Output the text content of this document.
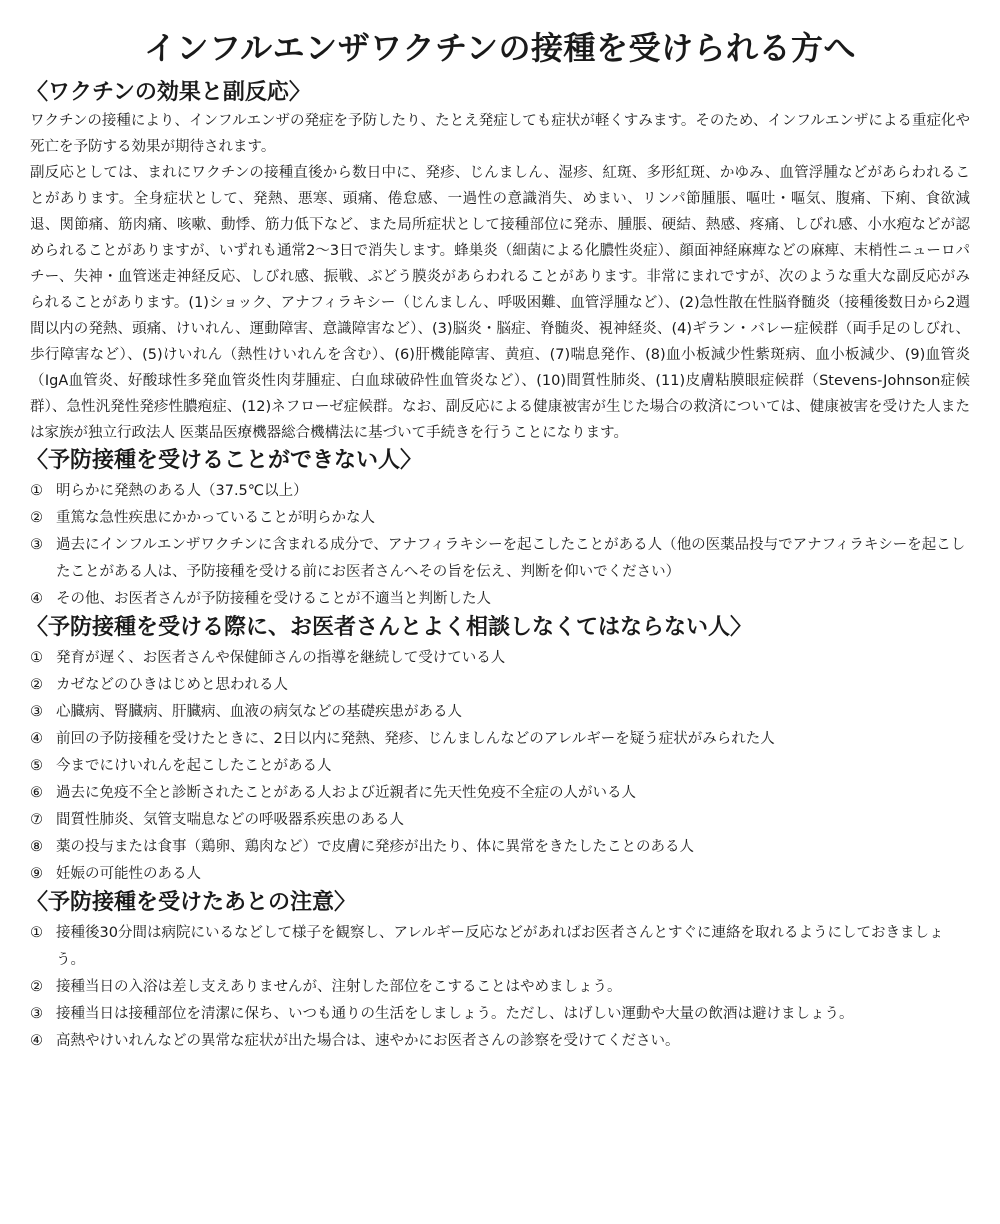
インフルエンザワクチンの接種を受けられる方へ
〈ワクチンの効果と副反応〉

ワクチンの接種により、インフルエンザの発症を予防したり、たとえ発症しても症状が軽くすみます。そのため、インフルエンザによる重症化や死亡を予防する効果が期待されます。

副反応としては、まれにワクチンの接種直後から数日中に、発疹、じんましん、湿疹、紅斑、多形紅斑、かゆみ、血管浮腫などがあらわれることがあります。全身症状として、発熱、悪寒、頭痛、倦怠感、一過性の意識消失、めまい、リンパ節腫脹、嘔吐・嘔気、腹痛、下痢、食欲減退、関節痛、筋肉痛、咳嗽、動悸、筋力低下など、また局所症状として接種部位に発赤、腫脹、硬結、熱感、疼痛、しびれ感、小水疱などが認められることがありますが、いずれも通常2〜3日で消失します。蜂巣炎（細菌による化膿性炎症）、顔面神経麻痺などの麻痺、末梢性ニューロパチー、失神・血管迷走神経反応、しびれ感、振戦、ぶどう膜炎があらわれることがあります。非常にまれですが、次のような重大な副反応がみられることがあります。(1)ショック、アナフィラキシー（じんましん、呼吸困難、血管浮腫など）、(2)急性散在性脳脊髄炎（接種後数日から2週間以内の発熱、頭痛、けいれん、運動障害、意識障害など）、(3)脳炎・脳症、脊髄炎、視神経炎、(4)ギラン・バレー症候群（両手足のしびれ、歩行障害など）、(5)けいれん（熱性けいれんを含む）、(6)肝機能障害、黄疸、(7)喘息発作、(8)血小板減少性紫斑病、血小板減少、(9)血管炎（IgA血管炎、好酸球性多発血管炎性肉芽腫症、白血球破砕性血管炎など）、(10)間質性肺炎、(11)皮膚粘膜眼症候群（Stevens-Johnson症候群）、急性汎発性発疹性膿疱症、(12)ネフローゼ症候群。なお、副反応による健康被害が生じた場合の救済については、健康被害を受けた人または家族が独立行政法人 医薬品医療機器総合機構法に基づいて手続きを行うことになります。

〈予防接種を受けることができない人〉
① 明らかに発熱のある人（37.5℃以上）
② 重篤な急性疾患にかかっていることが明らかな人
③ 過去にインフルエンザワクチンに含まれる成分で、アナフィラキシーを起こしたことがある人（他の医薬品投与でアナフィラキシーを起こしたことがある人は、予防接種を受ける前にお医者さんへその旨を伝え、判断を仰いでください）
④ その他、お医者さんが予防接種を受けることが不適当と判断した人
〈予防接種を受ける際に、お医者さんとよく相談しなくてはならない人〉
① 発育が遅く、お医者さんや保健師さんの指導を継続して受けている人
② カゼなどのひきはじめと思われる人
③ 心臓病、腎臓病、肝臓病、血液の病気などの基礎疾患がある人
④ 前回の予防接種を受けたときに、2日以内に発熱、発疹、じんましんなどのアレルギーを疑う症状がみられた人
⑤ 今までにけいれんを起こしたことがある人
⑥ 過去に免疫不全と診断されたことがある人および近親者に先天性免疫不全症の人がいる人
⑦ 間質性肺炎、気管支喘息などの呼吸器系疾患のある人
⑧ 薬の投与または食事（鶏卵、鶏肉など）で皮膚に発疹が出たり、体に異常をきたしたことのある人
⑨ 妊娠の可能性のある人
〈予防接種を受けたあとの注意〉
① 接種後30分間は病院にいるなどして様子を観察し、アレルギー反応などがあればお医者さんとすぐに連絡を取れるようにしておきましょう。
② 接種当日の入浴は差し支えありませんが、注射した部位をこすることはやめましょう。
③ 接種当日は接種部位を清潔に保ち、いつも通りの生活をしましょう。ただし、はげしい運動や大量の飲酒は避けましょう。
④ 高熱やけいれんなどの異常な症状が出た場合は、速やかにお医者さんの診察を受けてください。
